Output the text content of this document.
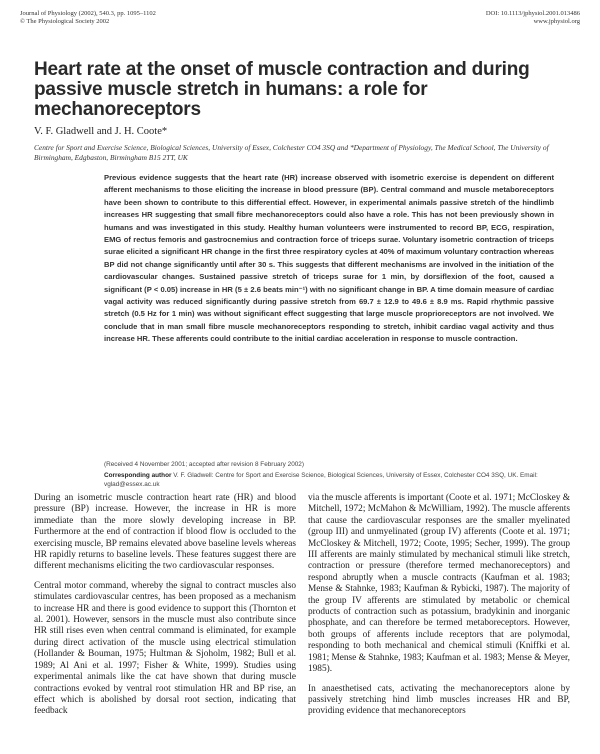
Journal of Physiology (2002), 540.3, pp. 1095–1102
© The Physiological Society 2002
DOI: 10.1113/jphysiol.2001.013486
www.jphysiol.org
Heart rate at the onset of muscle contraction and during passive muscle stretch in humans: a role for mechanoreceptors
V. F. Gladwell and J. H. Coote*
Centre for Sport and Exercise Science, Biological Sciences, University of Essex, Colchester CO4 3SQ and *Department of Physiology, The Medical School, The University of Birmingham, Edgbaston, Birmingham B15 2TT, UK

Previous evidence suggests that the heart rate (HR) increase observed with isometric exercise is dependent on different afferent mechanisms to those eliciting the increase in blood pressure (BP). Central command and muscle metaboreceptors have been shown to contribute to this differential effect. However, in experimental animals passive stretch of the hindlimb increases HR suggesting that small fibre mechanoreceptors could also have a role. This has not been previously shown in humans and was investigated in this study. Healthy human volunteers were instrumented to record BP, ECG, respiration, EMG of rectus femoris and gastrocnemius and contraction force of triceps surae. Voluntary isometric contraction of triceps surae elicited a significant HR change in the first three respiratory cycles at 40% of maximum voluntary contraction whereas BP did not change significantly until after 30 s. This suggests that different mechanisms are involved in the initiation of the cardiovascular changes. Sustained passive stretch of triceps surae for 1 min, by dorsiflexion of the foot, caused a significant (P < 0.05) increase in HR (5 ± 2.6 beats min⁻¹) with no significant change in BP. A time domain measure of cardiac vagal activity was reduced significantly during passive stretch from 69.7 ± 12.9 to 49.6 ± 8.9 ms. Rapid rhythmic passive stretch (0.5 Hz for 1 min) was without significant effect suggesting that large muscle proprioreceptors are not involved. We conclude that in man small fibre muscle mechanoreceptors responding to stretch, inhibit cardiac vagal activity and thus increase HR. These afferents could contribute to the initial cardiac acceleration in response to muscle contraction.

(Received 4 November 2001; accepted after revision 8 February 2002)
Corresponding author V. F. Gladwell: Centre for Sport and Exercise Science, Biological Sciences, University of Essex, Colchester CO4 3SQ, UK. Email: vglad@essex.ac.uk

During an isometric muscle contraction heart rate (HR) and blood pressure (BP) increase. However, the increase in HR is more immediate than the more slowly developing increase in BP. Furthermore at the end of contraction if blood flow is occluded to the exercising muscle, BP remains elevated above baseline levels whereas HR rapidly returns to baseline levels. These features suggest there are different mechanisms eliciting the two cardiovascular responses.

Central motor command, whereby the signal to contract muscles also stimulates cardiovascular centres, has been proposed as a mechanism to increase HR and there is good evidence to support this (Thornton et al. 2001). However, sensors in the muscle must also contribute since HR still rises even when central command is eliminated, for example during direct activation of the muscle using electrical stimulation (Hollander & Bouman, 1975; Hultman & Sjoholm, 1982; Bull et al. 1989; Al Ani et al. 1997; Fisher & White, 1999). Studies using experimental animals like the cat have shown that during muscle contractions evoked by ventral root stimulation HR and BP rise, an effect which is abolished by dorsal root section, indicating that feedback

via the muscle afferents is important (Coote et al. 1971; McCloskey & Mitchell, 1972; McMahon & McWilliam, 1992). The muscle afferents that cause the cardiovascular responses are the smaller myelinated (group III) and unmyelinated (group IV) afferents (Coote et al. 1971; McCloskey & Mitchell, 1972; Coote, 1995; Secher, 1999). The group III afferents are mainly stimulated by mechanical stimuli like stretch, contraction or pressure (therefore termed mechanoreceptors) and respond abruptly when a muscle contracts (Kaufman et al. 1983; Mense & Stahnke, 1983; Kaufman & Rybicki, 1987). The majority of the group IV afferents are stimulated by metabolic or chemical products of contraction such as potassium, bradykinin and inorganic phosphate, and can therefore be termed metaboreceptors. However, both groups of afferents include receptors that are polymodal, responding to both mechanical and chemical stimuli (Kniffki et al. 1981; Mense & Stahnke, 1983; Kaufman et al. 1983; Mense & Meyer, 1985).

In anaesthetised cats, activating the mechanoreceptors alone by passively stretching hind limb muscles increases HR and BP, providing evidence that mechanoreceptors
